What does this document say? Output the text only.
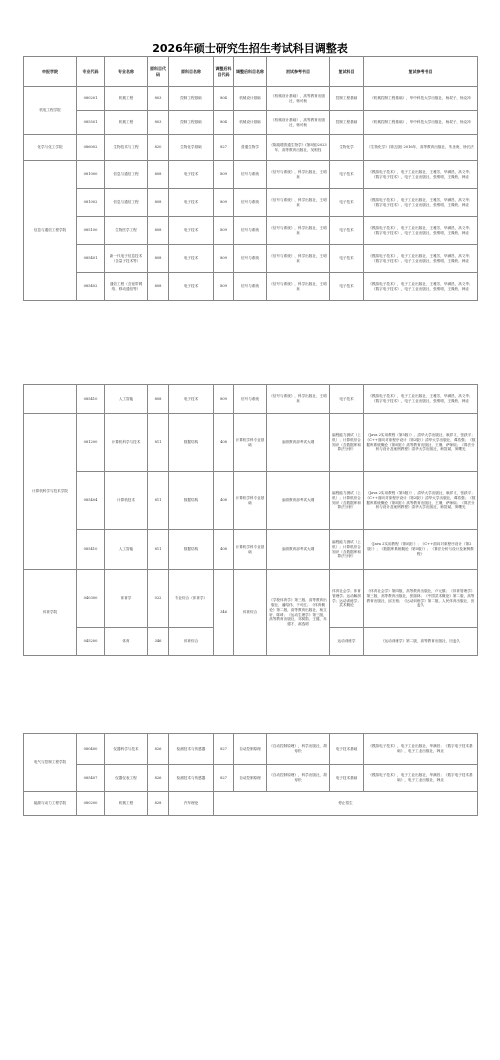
2026年硕士研究生招生考试科目调整表
申报学院	专业代码	专业名称	原科目代码	原科目名称	调整后科目代码	调整后科目名称	初试参考书目	复试科目	复试参考书目
机电工程学院	080201	机械工程	803	控制工程基础	804	机械设计基础	《机械设计基础》，高等教育出版社，杨可桢	控制工程基础	《机械控制工程基础》，华中科技大学出版社，杨叔子，杨克冲
	085501	机械工程	803	控制工程基础	804	机械设计基础	《机械设计基础》，高等教育出版社，杨可桢	控制工程基础	《机械控制工程基础》，华中科技大学出版社，杨叔子，杨克冲
化学与化工学院	086002	生物技术与工程	820	生物化学基础	827	普通生物学	《陈阅增普通生物学》(第5版)2023年，高等教育出版社，吴相钰	生物化学	《生物化学》(第五版) 2016年，高等教育出版社，朱圣庚，徐长法
信息与通信工程学院	081000	信息与通信工程	808	电子技术	809	信号与系统	《信号与系统》，科学出版社，王明泉	电子技术	《模拟电子技术》，电子工业出版社，王雅芳，华满昌，高义华；《数字电子技术》，电子工业出版社，张维明，王豫欣，韩垚
	081002	信息与通信工程	808	电子技术	809	信号与系统	《信号与系统》，科学出版社，王明泉	电子技术	《模拟电子技术》，电子工业出版社，王雅芳，华满昌，高义华；《数字电子技术》，电子工业出版社，张维明，王豫欣，韩垚
	085100	生物医学工程	808	电子技术	809	信号与系统	《信号与系统》，科学出版社，王明泉	电子技术	《模拟电子技术》，电子工业出版社，王雅芳，华满昌，高义华；《数字电子技术》，电子工业出版社，张维明，王豫欣，韩垚
	085401	新一代电子信息技术（含量子技术等）	808	电子技术	809	信号与系统	《信号与系统》，科学出版社，王明泉	电子技术	《模拟电子技术》，电子工业出版社，王雅芳，华满昌，高义华；《数字电子技术》，电子工业出版社，张维明，王豫欣，韩垚
	085402	通信工程（含宽带网络、移动通信等）	808	电子技术	809	信号与系统	《信号与系统》，科学出版社，王明泉	电子技术	《模拟电子技术》，电子工业出版社，王雅芳，华满昌，高义华；《数字电子技术》，电子工业出版社，张维明，王豫欣，韩垚
	085410	人工智能	808	电子技术	809	信号与系统	《信号与系统》，科学出版社，王明泉	电子技术	《模拟电子技术》，电子工业出版社，王雅芳，华满昌，高义华；《数字电子技术》，电子工业出版社，张维明，王豫欣，韩垚
计算机科学与技术学院	081200	计算机科学与技术	811	数据结构	408	计算机学科专业基础	参照教育部考试大纲	编程能力测试（上机）；计算机综合知识（含数据库和算法分析）	《Java 2实用教程（第5版）》，清华大学出版社，耿祥义，张跃平；《C++面向对象程序设计（第2版）》清华大学出版社，谭浩强；《数据库系统概论（第5版）》高等教育出版社，王珊，萨师煊；《算法分析与设计及案例教程》清华大学出版社，师智斌，窦曙光
	085404	计算机技术	811	数据结构	408	计算机学科专业基础	参照教育部考试大纲	编程能力测试（上机）；计算机综合知识（含数据库和算法分析）	《Java 2实用教程（第5版）》，清华大学出版社，耿祥义，张跃平；《C++面向对象程序设计（第2版）》清华大学出版社，谭浩强；《数据库系统概论（第5版）》高等教育出版社，王珊，萨师煊；《算法分析与设计及案例教程》清华大学出版社，师智斌，窦曙光
	085410	人工智能	811	数据结构	408	计算机学科专业基础	参照教育部考试大纲	编程能力测试（上机）；计算机综合知识（含数据库和算法分析）	《Java 2实用教程（第5版）》；《C++面向对象程序设计（第2版）》；《数据库系统概论（第5版）》；《算法分析与设计及案例教程》
体育学院	040300	体育学	022	专业综合（体育学）	346	体育综合	《学校体育学》第三版，高等教育出版社，潘绍伟、于可红；《体育概论》第二版，高等教育出版社，杨文轩、陈琦；《运动生理学》第三版，高等教育出版社，邓树勋、王健、乔德才、郝选明	体育社会学；体育管理学；运动解剖学；运动训练学；武术概论	《体育社会学》第四版，高等教育出版社，卢元镇；《体育管理学》第三版，高等教育出版社，张瑞林；《中国武术概论》第二版，高等教育出版社，邱丕相；《运动训练学》第二版，人民体育出版社，田麦久
	045200	体育	346	体育综合				运动训练学	《运动训练学》第二版，高等教育出版社，田麦久
电气与控制工程学院	080400	仪器科学与技术	826	检测技术与传感器	827	自动控制原理	《自动控制原理》，科学出版社，胡寿松	电子技术基础	《模拟电子技术》，电子工业出版社，华满昌；《数字电子技术基础》，电子工业出版社，韩垚
	085407	仪器仪表工程	826	检测技术与传感器	827	自动控制原理	《自动控制原理》，科学出版社，胡寿松	电子技术基础	《模拟电子技术》，电子工业出版社，华满昌；《数字电子技术基础》，电子工业出版社，韩垚
能源与动力工程学院	080200	机械工程	828	汽车理论	停止招生				
